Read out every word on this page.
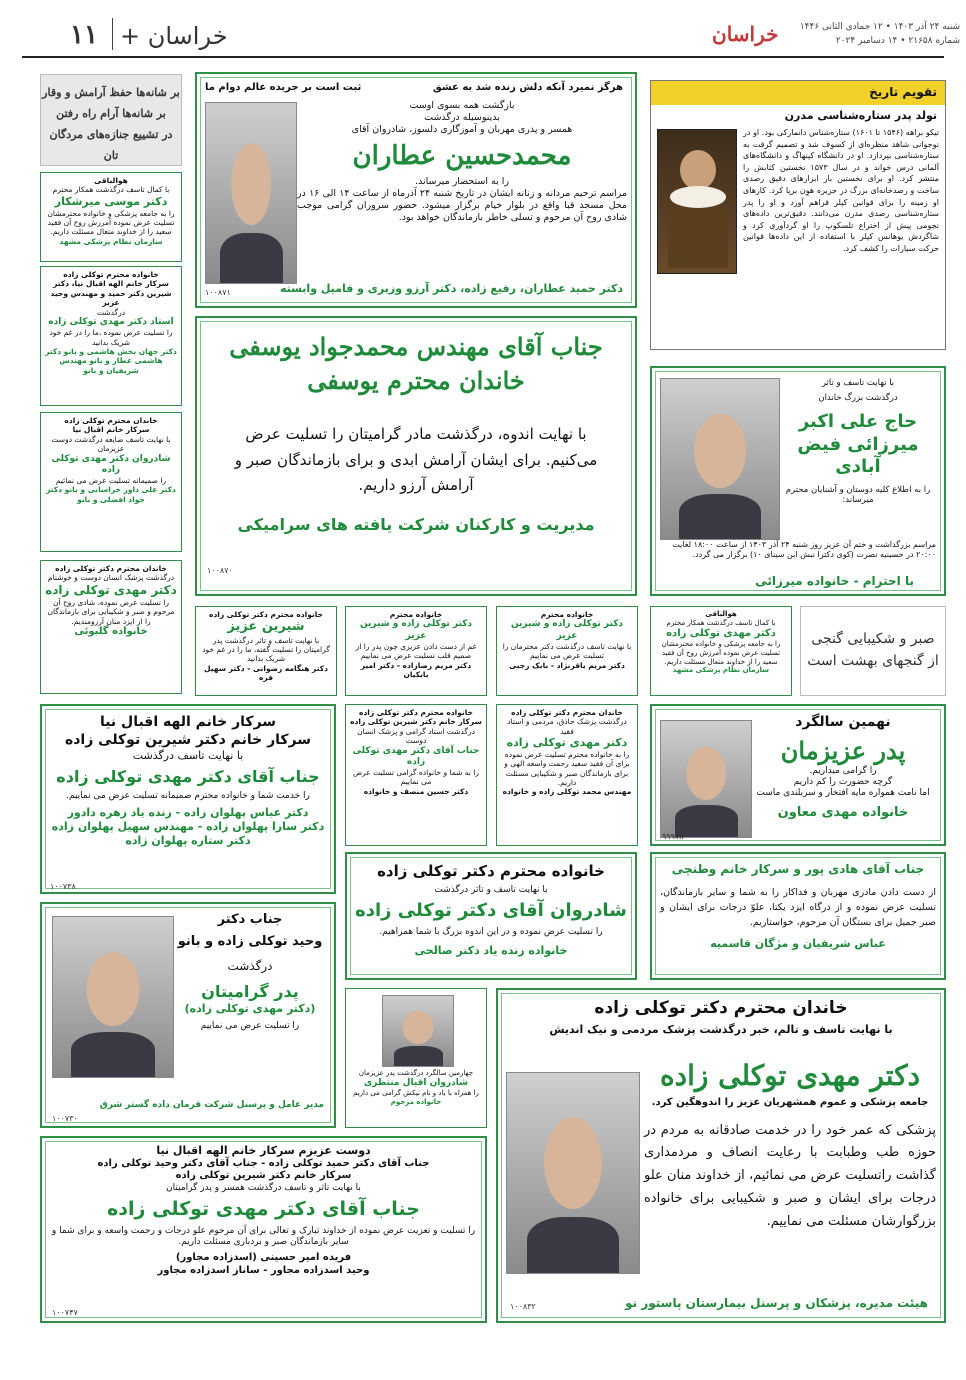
۱۱ خراسان +	خراسان	شنبه ۲۴ آذر ۱۴۰۳ • ۱۲ جمادی الثانی ۱۴۴۶
شماره ۲۱۶۵۸ • ۱۴ دسامبر ۲۰۲۴
تقویم تاریخ
تولد پدر ستاره‌شناسی مدرن

تیکو براهه (۱۵۴۶ تا ۱۶۰۱) ستاره‌شناس دانمارکی بود. او در نوجوانی شاهد منظره‌ای از کسوف شد و تصمیم گرفت به ستاره‌شناسی بپردازد. او در دانشگاه کپنهاگ و دانشگاه‌های آلمانی درس خواند و در سال ۱۵۷۳ نخستین کتابش را منتشر کرد. او برای نخستین بار ابزار‌های دقیق رصدی ساخت و رصدخانه‌ای بزرگ در جزیره هوِن برپا کرد. کارهای او زمینه را برای قوانین کپلر فراهم آورد و او را پدر ستاره‌شناسی رصدی مدرن می‌دانند. دقیق‌ترین داده‌های نجومی پیش از اختراع تلسکوپ را او گردآوری کرد و شاگردش یوهانس کپلر با استفاده از این داده‌ها قوانین حرکت سیارات را کشف کرد.

هرگز نمیرد آنکه دلش زنده شد به عشق
ثبت است بر جریده عالم دوام ما

بازگشت همه بسوی اوست

بدینوسیله درگذشت

همسر و پدری مهربان و آموزگاری دلسوز، شادروان آقای

محمدحسین عطاران

را به استحضار میرساند.

مراسم ترحیم مردانه و زنانه ایشان در تاریخ شنبه ۲۴ آذرماه از ساعت ۱۴ الی ۱۶ در محل مسجد قبا واقع در بلوار خیام برگزار میشود. حضور سروران گرامی موجب شادی روح آن مرحوم و تسلی خاطر بازماندگان خواهد بود.

دکتر حمید عطاران، رفیع زاده، دکتر آرزو وزیری و فامیل وابسته
۱۰۰۸۷۱
بر شانه‌ها حفظ آرامش و وقار
بر شانه‌ها آرام راه رفتن
در تشییع جنازه‌های مردگان تان

هوالباقی

با کمال تاسف درگذشت همکار محترم

دکتر موسی میرشکار

را به جامعه پزشکی و خانواده محترمشان تسلیت عرض نموده آمرزش روح آن فقید سعید را از خداوند متعال مسئلت داریم.

سازمان نظام پزشکی مشهد

خانواده محترم توکلی زاده

سرکار خانم الهه اقبال نیا، دکتر شیرین دکتر حمید و مهندس وحید عزیز

درگذشت

استاد دکتر مهدی توکلی زاده

را تسلیت عرض نموده ،ما را در غم خود شریک بدانید

دکتر جهان بخش هاشمی و بانو دکتر هاشمی عطار و بانو مهندس شریفیان و بانو

خاندان محترم توکلی زاده

سرکار خانم اقبال نیا

با نهایت تاسف ضایعه درگذشت دوست عزیزمان

شادروان دکتر مهدی توکلی زاده

را صمیمانه تسلیت عرض می نمائیم

دکتر علی داور خراسانی و بانو دکتر جواد افضلی و بانو

خاندان محترم دکتر توکلی زاده

درگذشت پزشک انسان دوست و خوشنام

دکتر مهدی توکلی زاده

را تسلیت عرض نموده، شادی روح آن مرحوم و صبر و شکیبایی برای بازماندگان را از ایزد منان آرزومندیم.

خانواده گلبوئی

جناب آقای مهندس محمدجواد یوسفی

خاندان محترم یوسفی

با نهایت اندوه، درگذشت مادر گرامیتان را تسلیت عرض می‌کنیم. برای ایشان آرامش ابدی و برای بازماندگان صبر و آرامش آرزو داریم.

مدیریت و کارکنان شرکت یافته های سرامیکی

۱۰۰۸۷۰

با نهایت تاسف و تاثر

درگذشت بزرگ خاندان

حاج علی اکبر

میرزائی فیض آبادی

را به اطلاع کلیه دوستان و آشنایان محترم میرساند:

مراسم بزرگداشت و ختم آن عزیز روز شنبه ۲۴ آذر ۱۴۰۳ از ساعت ۱۸:۰۰ لغایت ۲۰:۰۰ در حسینیه نصرت (کوی دکترا نبش ابن سینای ۱۰) برگزار می گردد.

با احترام - خانواده میرزائی

خانواده محترم دکتر توکلی زاده

شیرین عزیز

با نهایت تاسف و تاثر درگذشت پدر گرامیتان را تسلیت گفته، ما را در غم خود شریک بدانید

دکتر هنگامه رضوانی - دکتر سهیل فره

خانواده محترم

دکتر توکلی زاده و شیرین عزیز

غم از دست دادن عزیزی چون پدر را از صمیم قلب تسلیت عرض می نماییم

دکتر مریم رضازاده - دکتر امیر بابکیان

خانواده محترم

دکتر توکلی زاده و شیرین عزیز

با نهایت تاسف درگذشت دکتر محترمان را تسلیت عرض می نماییم

دکتر مریم باقرنژاد - بابک رجبی

هوالباقی

با کمال تاسف درگذشت همکار محترم

دکتر مهدی توکلی زاده

را به جامعه پزشکی و خانواده محترمشان تسلیت عرض نموده آمرزش روح آن فقید سعید را از خداوند متعال مسئلت داریم.

سازمان نظام پزشکی مشهد

صبر و شکیبایی گنجی
از گنجهای بهشت است

سرکار خانم الهه اقبال نیا

سرکار خانم دکتر شیرین توکلی زاده

با نهایت تاسف درگذشت

جناب آقای دکتر مهدی توکلی زاده

را خدمت شما و خانواده محترم صمیمانه تسلیت عرض می نماییم.

دکتر عباس پهلوان زاده - زنده یاد زهره دادور

دکتر سارا پهلوان زاده - مهندس سهیل پهلوان زاده

دکتر ستاره پهلوان زاده

۱۰۰۷۳۸

خانواده محترم دکتر توکلی زاده

سرکار خانم دکتر شیرین توکلی زاده

درگذشت استاد گرامی و پزشک انسان دوست

جناب آقای دکتر مهدی توکلی زاده

را به شما و خانواده گرامی تسلیت عرض می نماییم

دکتر حسین منصف و خانواده

خاندان محترم دکتر توکلی زاده

درگذشت پزشک حاذق، مردمی و استاد فقید

دکتر مهدی توکلی زاده

را به خانواده محترم تسلیت عرض نموده برای آن فقید سعید رحمت واسعه الهی و برای بازماندگان صبر و شکیبایی مسئلت داریم.

مهندس محمد توکلی زاده و خانواده

نهمین سالگرد

پدر عزیزمان

را گرامی میداریم.

گرچه حضورت را کم داریم

اما نامت همواره مایه افتخار و سربلندی ماست

خانواده مهدی معاون

۹۹۹۷۸

خانواده محترم دکتر توکلی زاده

با نهایت تاسف و تاثر درگذشت

شادروان آقای دکتر توکلی زاده

را تسلیت عرض نموده و در این اندوه بزرگ با شما همراهیم.

خانواده زنده یاد دکتر صالحی

جناب آقای هادی پور و سرکار خانم وطنچی

از دست دادن مادری مهربان و فداکار را به شما و سایر بازماندگان، تسلیت عرض نموده و از درگاه ایزد یکتا، علوّ درجات برای ایشان و صبر جمیل برای بستگان آن مرحوم، خواستاریم.

عباس شریفیان و مژگان قاسمیه

جناب دکتر

وحید توکلی زاده و بانو

درگذشت

پدر گرامیتان

(دکتر مهدی توکلی زاده)

را تسلیت عرض می نماییم

مدیر عامل و پرسنل شرکت فرمان داده گستر شرق
۱۰۰۷۳۰

چهارمین سالگرد درگذشت پدر عزیزمان

شادروان اقبال منتظری

را همراه با یاد و نام نیکش گرامی می داریم

خانواده مرحوم

خاندان محترم دکتر توکلی زاده

با نهایت تاسف و تالم، خبر درگذشت پزشک مردمی و نیک اندیش

دکتر مهدی توکلی زاده

جامعه پزشکی و عموم همشهریان عزیز را اندوهگین کرد.

پزشکی که عمر خود را در خدمت صادقانه به مردم در حوزه طب وطبابت با رعایت انصاف و مردمداری گذاشت راتسلیت عرض می نمائیم، از خداوند منان علو درجات برای ایشان و صبر و شکیبایی برای خانواده بزرگوارشان مسئلت می نماییم.

هیئت مدیره، پزشکان و پرسنل بیمارستان پاستور نو
۱۰۰۸۳۲

دوست عزیزم سرکار خانم الهه اقبال نیا

جناب آقای دکتر حمید توکلی زاده - جناب آقای دکتر وحید توکلی زاده

سرکار خانم دکتر شیرین توکلی زاده

با نهایت تاثر و تاسف درگذشت همسر و پدر گرامیتان

جناب آقای دکتر مهدی توکلی زاده

را تسلیت و تعزیت عرض نموده از خداوند تبارک و تعالی برای آن مرحوم علو درجات و رحمت واسعه و برای شما و سایر بازماندگان صبر و بردباری مسئلت داریم.

فریده امیر حسینی (اسدزاده مجاور)

وحید اسدزاده مجاور - ساناز اسدزاده مجاور

۱۰۰۷۴۷
